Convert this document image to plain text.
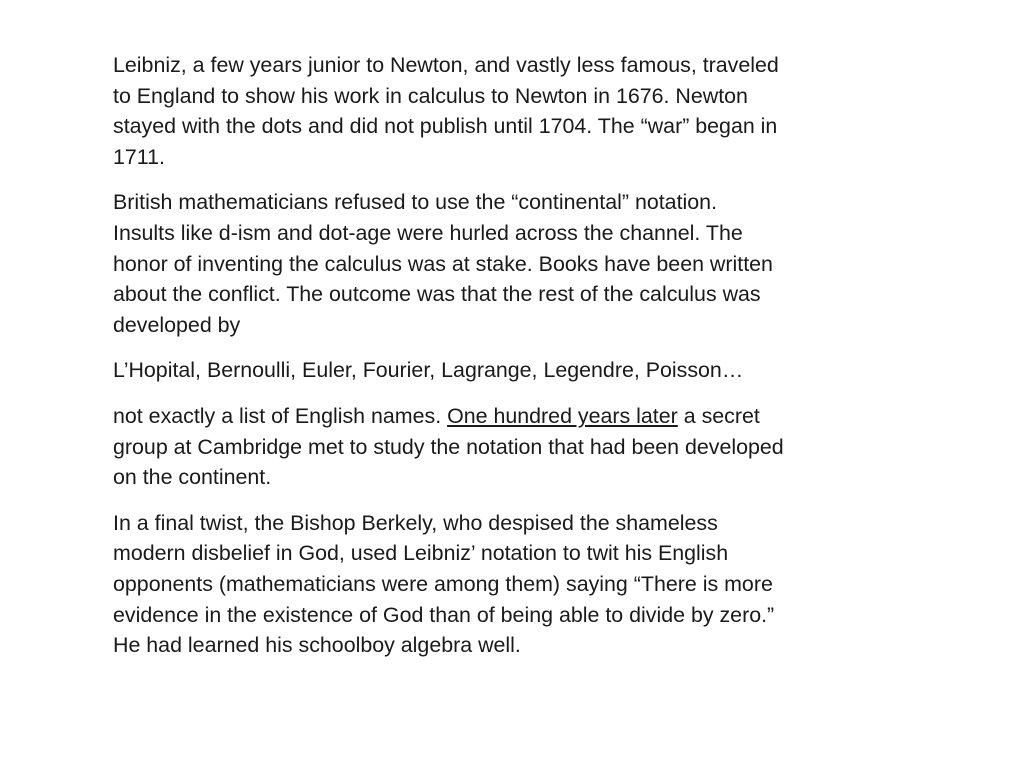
Leibniz, a few years junior to Newton, and vastly less famous, traveled
to England to show his work in calculus to Newton in 1676. Newton
stayed with the dots and did not publish until 1704. The “war” began in
1711.

British mathematicians refused to use the “continental” notation.
Insults like d-ism and dot-age were hurled across the channel. The
honor of inventing the calculus was at stake. Books have been written
about the conflict. The outcome was that the rest of the calculus was
developed by

L’Hopital, Bernoulli, Euler, Fourier, Lagrange, Legendre, Poisson…

not exactly a list of English names. One hundred years later a secret
group at Cambridge met to study the notation that had been developed
on the continent.

In a final twist, the Bishop Berkely, who despised the shameless
modern disbelief in God, used Leibniz’ notation to twit his English
opponents (mathematicians were among them) saying “There is more
evidence in the existence of God than of being able to divide by zero.”
He had learned his schoolboy algebra well.
